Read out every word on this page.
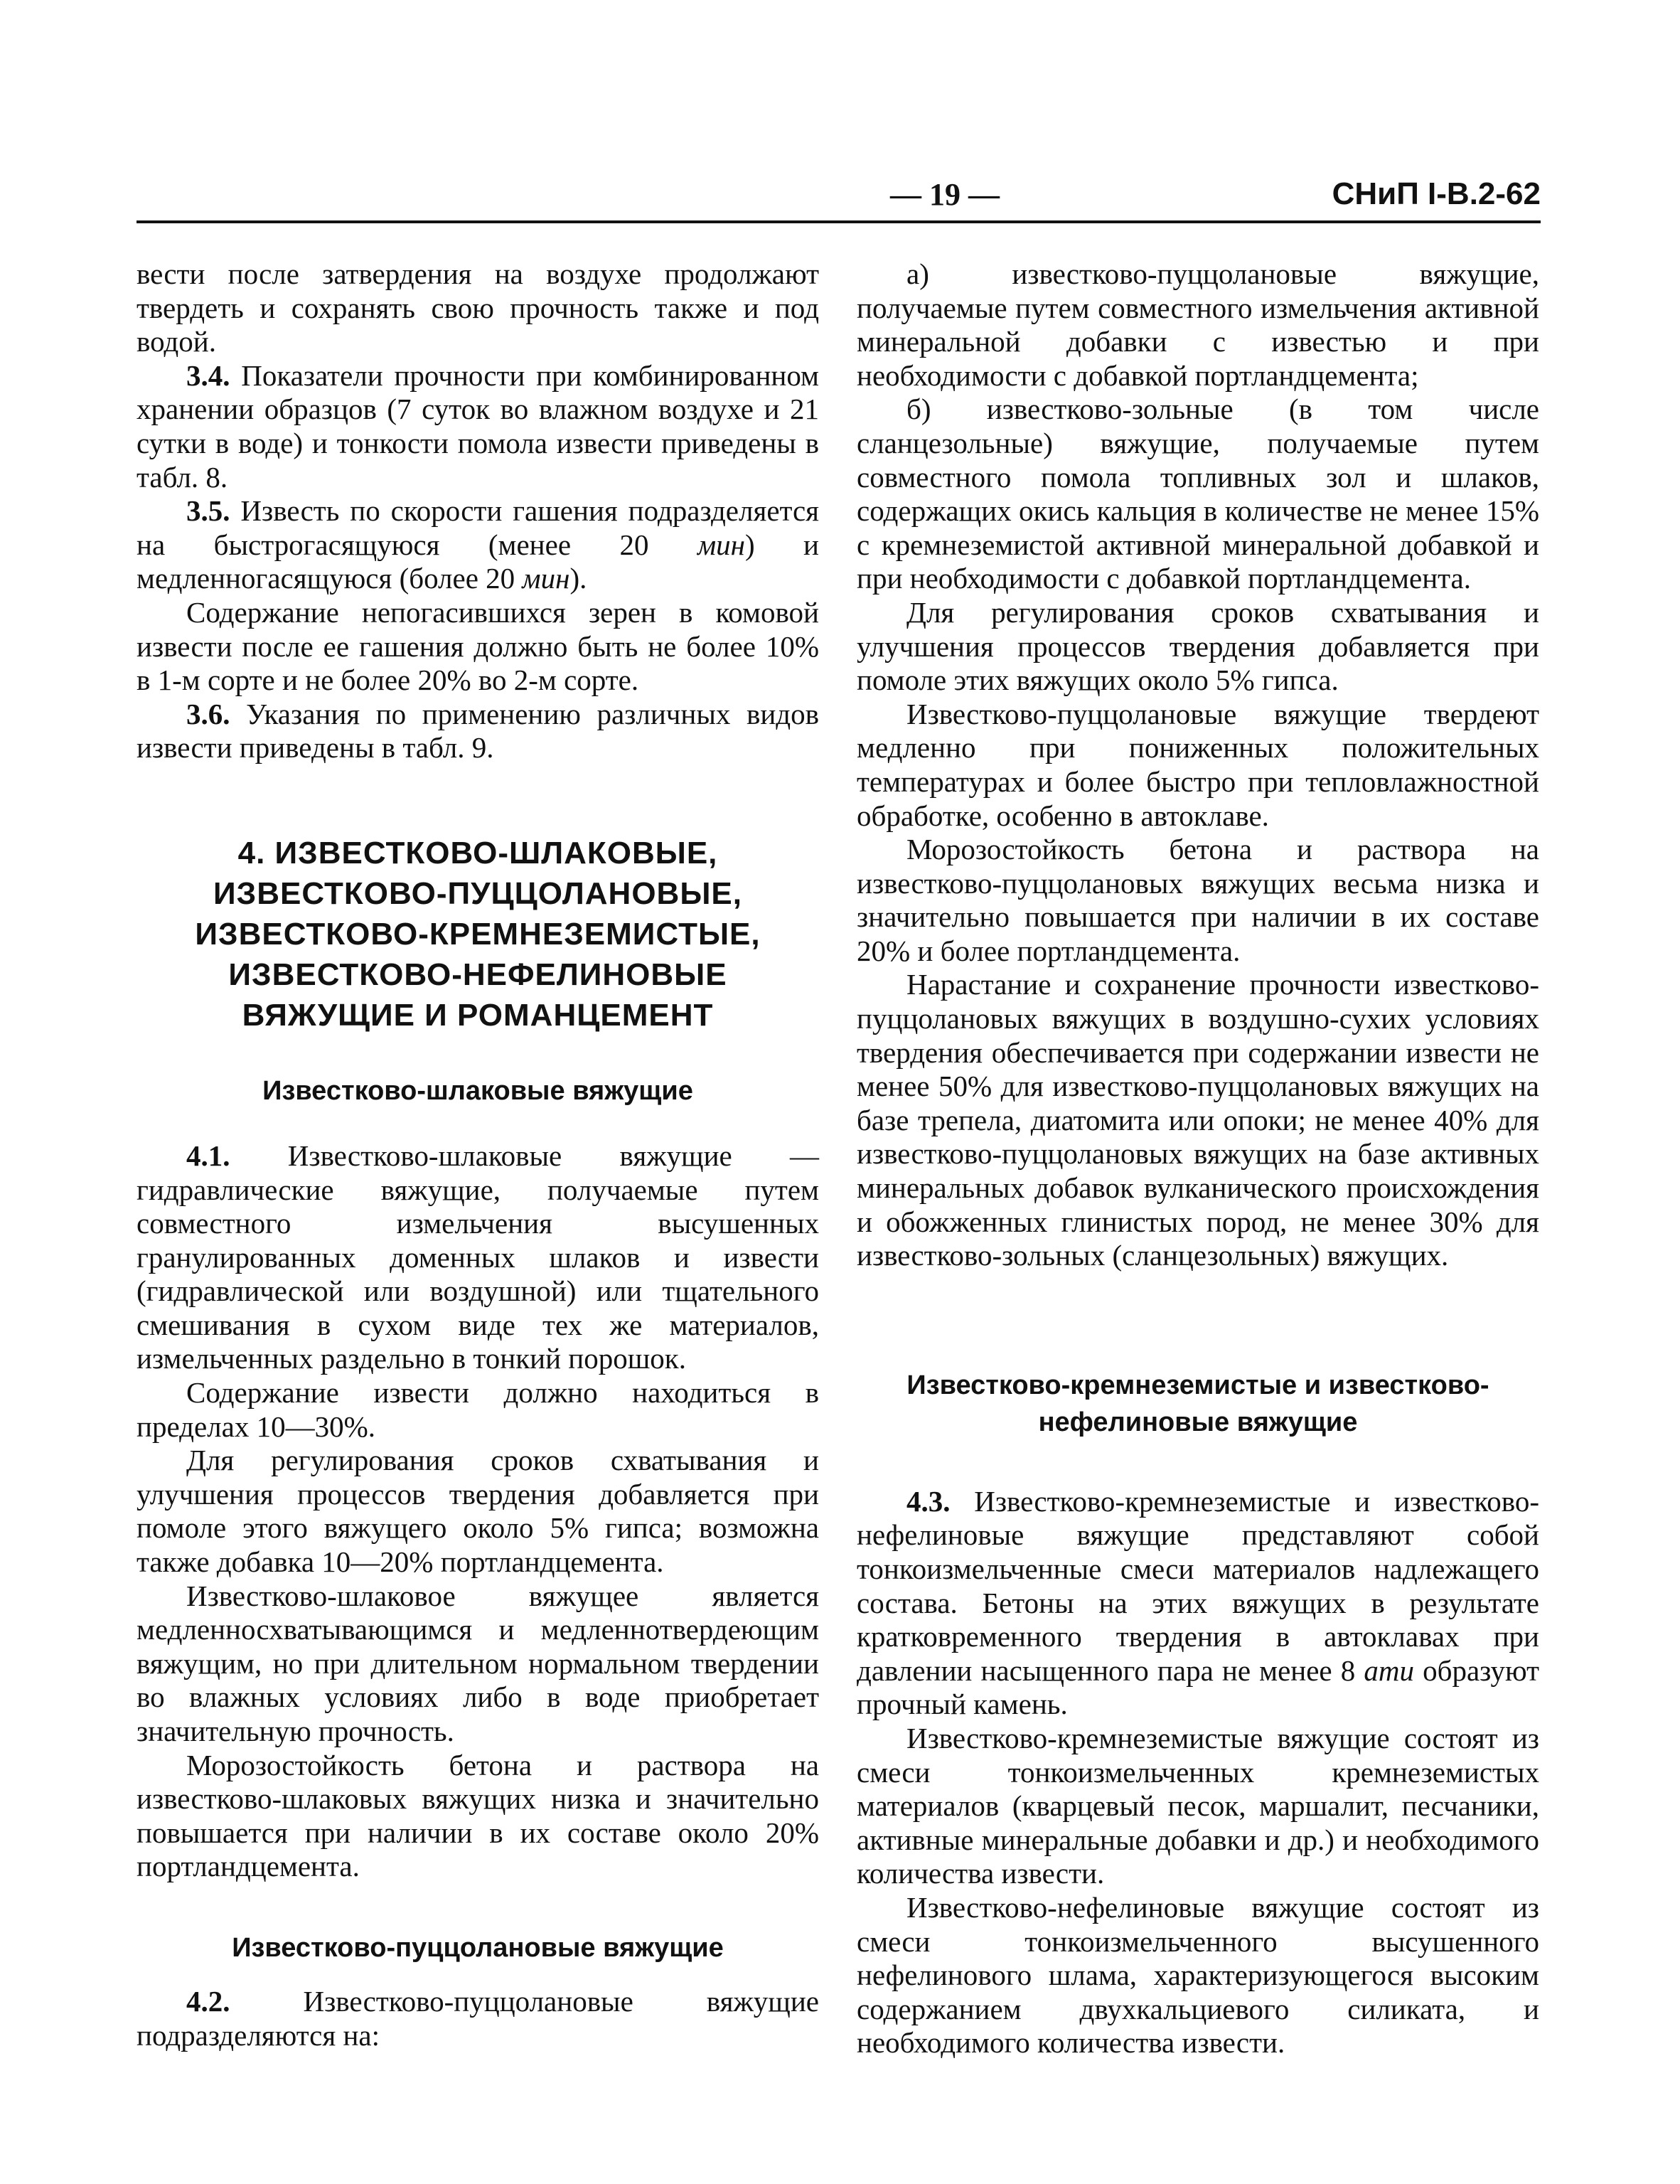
— 19 —	СНиП I-B.2-62

вести после затвердения на воздухе продолжают твердеть и сохранять свою прочность также и под водой.

3.4. Показатели прочности при комбинированном хранении образцов (7 суток во влажном воздухе и 21 сутки в воде) и тонкости помола извести приведены в табл. 8.

3.5. Известь по скорости гашения подразделяется на быстрогасящуюся (менее 20 мин) и медленногасящуюся (более 20 мин).

Содержание непогасившихся зерен в комовой извести после ее гашения должно быть не более 10% в 1-м сорте и не более 20% во 2-м сорте.

3.6. Указания по применению различных видов извести приведены в табл. 9.

4. ИЗВЕСТКОВО-ШЛАКОВЫЕ,
ИЗВЕСТКОВО-ПУЦЦОЛАНОВЫЕ,
ИЗВЕСТКОВО-КРЕМНЕЗЕМИСТЫЕ,
ИЗВЕСТКОВО-НЕФЕЛИНОВЫЕ
ВЯЖУЩИЕ И РОМАНЦЕМЕНТ
Известково-шлаковые вяжущие

4.1. Известково-шлаковые вяжущие — гидравлические вяжущие, получаемые путем совместного измельчения высушенных гранулированных доменных шлаков и извести (гидравлической или воздушной) или тщательного смешивания в сухом виде тех же материалов, измельченных раздельно в тонкий порошок.

Содержание извести должно находиться в пределах 10—30%.

Для регулирования сроков схватывания и улучшения процессов твердения добавляется при помоле этого вяжущего около 5% гипса; возможна также добавка 10—20% портландцемента.

Известково-шлаковое вяжущее является медленносхватывающимся и медленнотвердеющим вяжущим, но при длительном нормальном твердении во влажных условиях либо в воде приобретает значительную прочность.

Морозостойкость бетона и раствора на известково-шлаковых вяжущих низка и значительно повышается при наличии в их составе около 20% портландцемента.

Известково-пуццолановые вяжущие

4.2. Известково-пуццолановые вяжущие подразделяются на:

а) известково-пуццолановые вяжущие, получаемые путем совместного измельчения активной минеральной добавки с известью и при необходимости с добавкой портландцемента;

б) известково-зольные (в том числе сланцезольные) вяжущие, получаемые путем совместного помола топливных зол и шлаков, содержащих окись кальция в количестве не менее 15% с кремнеземистой активной минеральной добавкой и при необходимости с добавкой портландцемента.

Для регулирования сроков схватывания и улучшения процессов твердения добавляется при помоле этих вяжущих около 5% гипса.

Известково-пуццолановые вяжущие твердеют медленно при пониженных положительных температурах и более быстро при тепловлажностной обработке, особенно в автоклаве.

Морозостойкость бетона и раствора на известково-пуццолановых вяжущих весьма низка и значительно повышается при наличии в их составе 20% и более портландцемента.

Нарастание и сохранение прочности известково-пуццолановых вяжущих в воздушно-сухих условиях твердения обеспечивается при содержании извести не менее 50% для известково-пуццолановых вяжущих на базе трепела, диатомита или опоки; не менее 40% для известково-пуццолановых вяжущих на базе активных минеральных добавок вулканического происхождения и обожженных глинистых пород, не менее 30% для известково-зольных (сланцезольных) вяжущих.

Известково-кремнеземистые и известково-
нефелиновые вяжущие

4.3. Известково-кремнеземистые и известково-нефелиновые вяжущие представляют собой тонкоизмельченные смеси материалов надлежащего состава. Бетоны на этих вяжущих в результате кратковременного твердения в автоклавах при давлении насыщенного пара не менее 8 ати образуют прочный камень.

Известково-кремнеземистые вяжущие состоят из смеси тонкоизмельченных кремнеземистых материалов (кварцевый песок, маршалит, песчаники, активные минеральные добавки и др.) и необходимого количества извести.

Известково-нефелиновые вяжущие состоят из смеси тонкоизмельченного высушенного нефелинового шлама, характеризующегося высоким содержанием двухкальциевого силиката, и необходимого количества извести.
